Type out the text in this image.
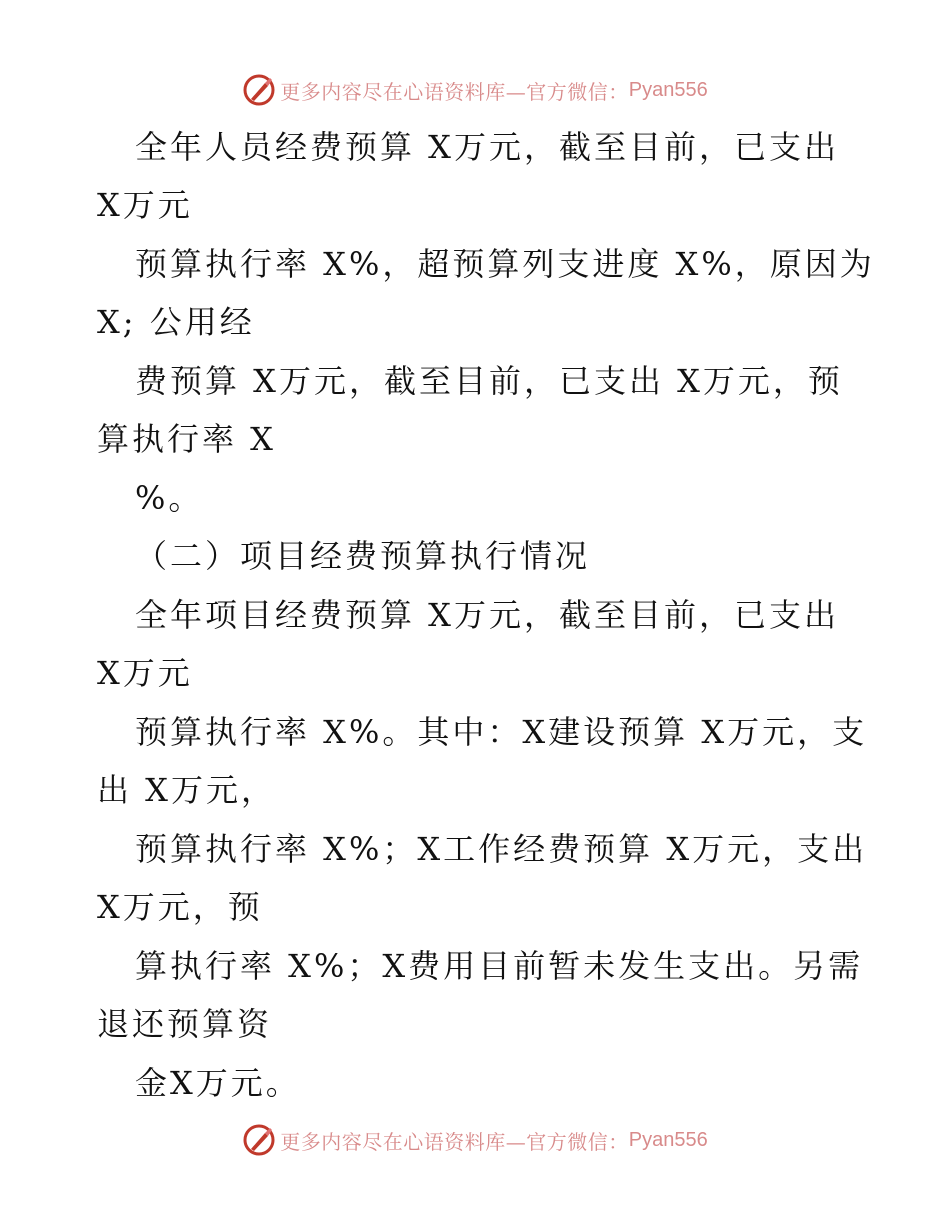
更多内容尽在心语资料库—官方微信： Pyan556
全年人员经费预算 X万元，截至目前，已支出
X万元
预算执行率 X%，超预算列支进度 X%，原因为
X; 公用经
费预算 X万元，截至目前，已支出 X万元，预
算执行率 X
%。
（二）项目经费预算执行情况
全年项目经费预算 X万元，截至目前，已支出
X万元
预算执行率 X%。其中：X建设预算 X万元，支
出 X万元，
预算执行率 X%；X工作经费预算 X万元，支出
X万元，预
算执行率 X%；X费用目前暂未发生支出。另需
退还预算资
金X万元。
更多内容尽在心语资料库—官方微信： Pyan556
